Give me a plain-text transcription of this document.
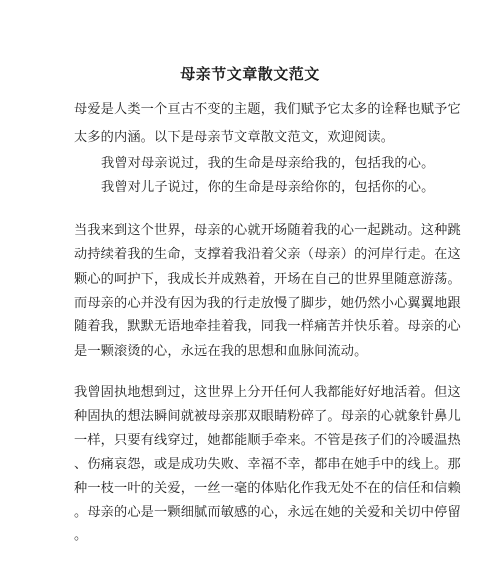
母亲节文章散文范文
母爱是人类一个亘古不变的主题，我们赋予它太多的诠释也赋予它
太多的内涵。以下是母亲节文章散文范文，欢迎阅读。
我曾对母亲说过，我的生命是母亲给我的，包括我的心。
我曾对儿子说过，你的生命是母亲给你的，包括你的心。
当我来到这个世界，母亲的心就开场随着我的心一起跳动。这种跳
动持续着我的生命，支撑着我沿着父亲（母亲）的河岸行走。在这
颗心的呵护下，我成长并成熟着，开场在自己的世界里随意游荡。
而母亲的心并没有因为我的行走放慢了脚步，她仍然小心翼翼地跟
随着我，默默无语地牵挂着我，同我一样痛苦并快乐着。母亲的心
是一颗滚烫的心，永远在我的思想和血脉间流动。
我曾固执地想到过，这世界上分开任何人我都能好好地活着。但这
种固执的想法瞬间就被母亲那双眼睛粉碎了。母亲的心就象针鼻儿
一样，只要有线穿过，她都能顺手牵来。不管是孩子们的冷暖温热
、伤痛哀怨，或是成功失败、幸福不幸，都串在她手中的线上。那
种一枝一叶的关爱，一丝一毫的体贴化作我无处不在的信任和信赖
。母亲的心是一颗细腻而敏感的心，永远在她的关爱和关切中停留
。
